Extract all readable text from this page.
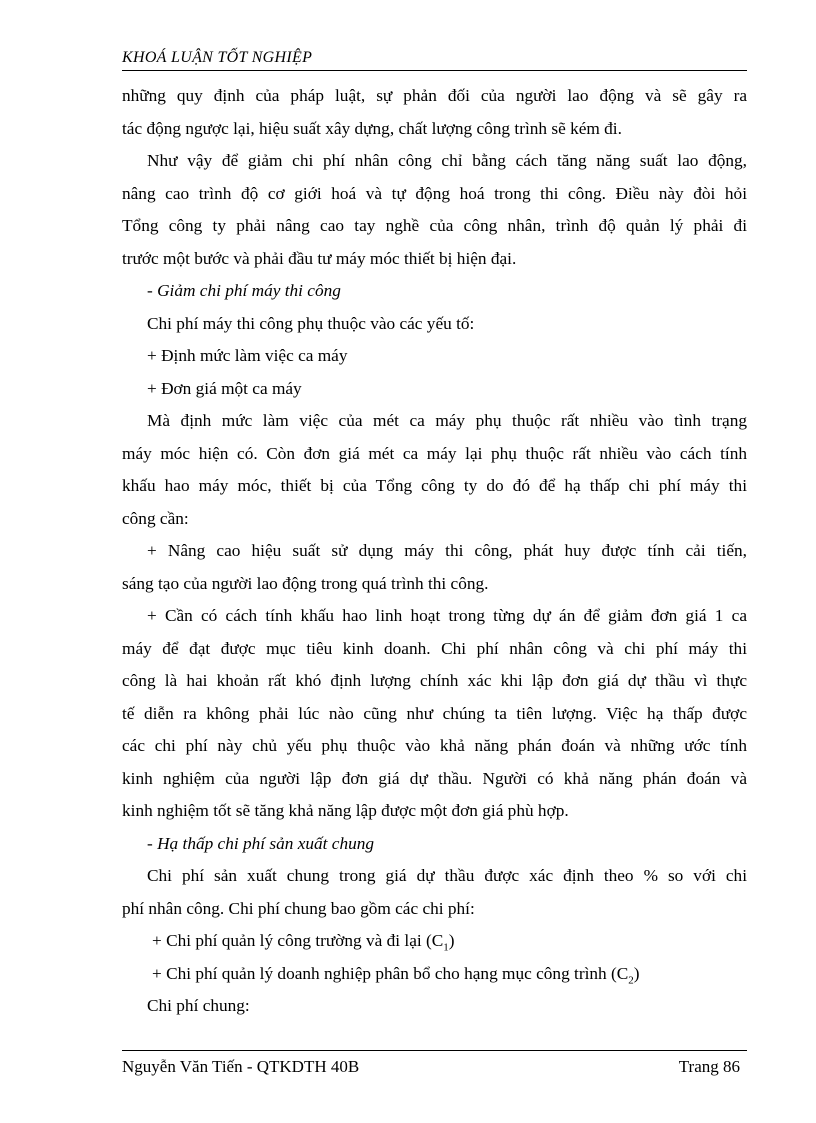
KHOÁ LUẬN TỐT NGHIỆP
những quy định của pháp luật, sự phản đối của người lao động và sẽ gây ra
tác động ngược lại, hiệu suất xây dựng, chất lượng công trình sẽ kém đi.
Như vậy để giảm chi phí nhân công chỉ bằng cách tăng năng suất lao động,
nâng cao trình độ cơ giới hoá và tự động hoá trong thi công. Điều này đòi hỏi
Tổng công ty phải nâng cao tay nghề của công nhân, trình độ quản lý phải đi
trước một bước và phải đầu tư máy móc thiết bị hiện đại.
- Giảm chi phí máy thi công
Chi phí máy thi công phụ thuộc vào các yếu tố:
+ Định mức làm việc ca máy
+ Đơn giá một ca máy
Mà định mức làm việc của mét ca máy phụ thuộc rất nhiều vào tình trạng
máy móc hiện có. Còn đơn giá mét ca máy lại phụ thuộc rất nhiều vào cách tính
khấu hao máy móc, thiết bị của Tổng công ty do đó để hạ thấp chi phí máy thi
công cần:
+ Nâng cao hiệu suất sử dụng máy thi công, phát huy được tính cải tiến,
sáng tạo của người lao động trong quá trình thi công.
+ Cần có cách tính khấu hao linh hoạt trong từng dự án để giảm đơn giá 1 ca
máy để đạt được mục tiêu kinh doanh. Chi phí nhân công và chi phí máy thi
công là hai khoản rất khó định lượng chính xác khi lập đơn giá dự thầu vì thực
tế diễn ra không phải lúc nào cũng như chúng ta tiên lượng. Việc hạ thấp được
các chi phí này chủ yếu phụ thuộc vào khả năng phán đoán và những ước tính
kinh nghiệm của người lập đơn giá dự thầu. Người có khả năng phán đoán và
kinh nghiệm tốt sẽ tăng khả năng lập được một đơn giá phù hợp.
- Hạ thấp chi phí sản xuất chung
Chi phí sản xuất chung trong giá dự thầu được xác định theo % so với chi
phí nhân công. Chi phí chung bao gồm các chi phí:
+ Chi phí quản lý công trường và đi lại $(C_1)$
+ Chi phí quản lý doanh nghiệp phân bổ cho hạng mục công trình $(C_2)$
Chi phí chung:
Nguyễn Văn Tiến - QTKDTH 40B	Trang 86
